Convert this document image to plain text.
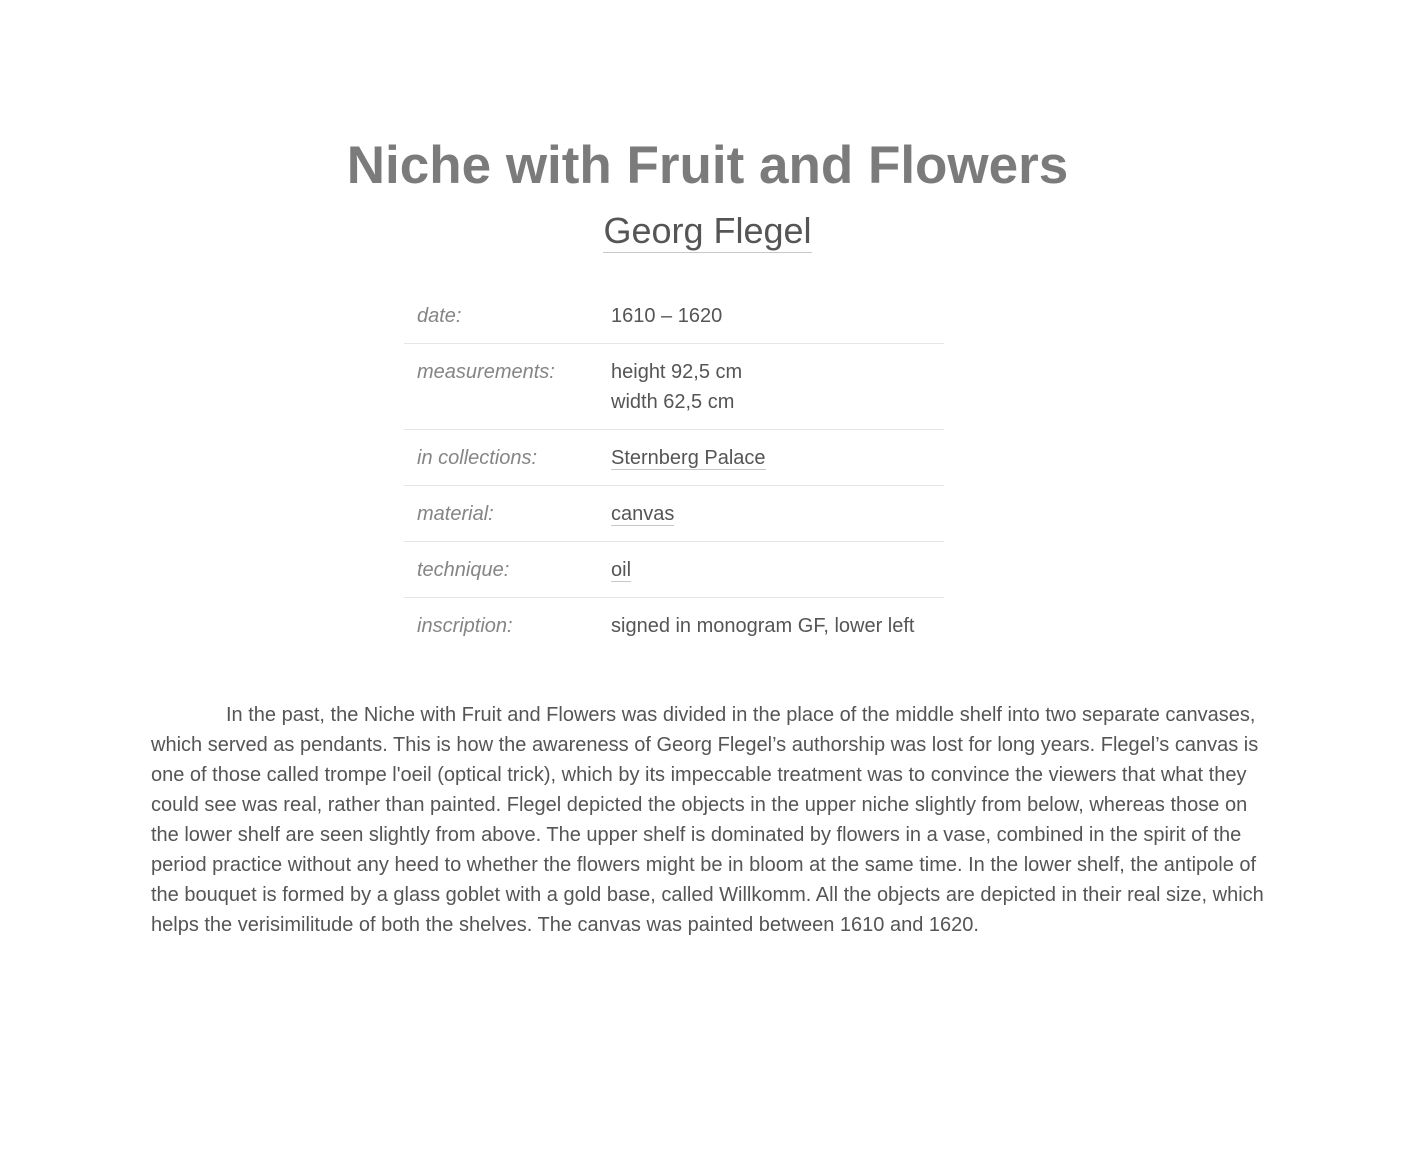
Niche with Fruit and Flowers
Georg Flegel
date:	1610 – 1620
measurements:	height 92,5 cm
width 62,5 cm

in collections:	Sternberg Palace
material:	canvas
technique:	oil
inscription:	signed in monogram GF, lower left

In the past, the Niche with Fruit and Flowers was divided in the place of the middle shelf into two separate canvases, which served as pendants. This is how the awareness of Georg Flegel’s authorship was lost for long years. Flegel’s canvas is one of those called trompe l'oeil (optical trick), which by its impeccable treatment was to convince the viewers that what they could see was real, rather than painted. Flegel depicted the objects in the upper niche slightly from below, whereas those on the lower shelf are seen slightly from above. The upper shelf is dominated by flowers in a vase, combined in the spirit of the period practice without any heed to whether the flowers might be in bloom at the same time. In the lower shelf, the antipole of the bouquet is formed by a glass goblet with a gold base, called Willkomm. All the objects are depicted in their real size, which helps the verisimilitude of both the shelves. The canvas was painted between 1610 and 1620.
